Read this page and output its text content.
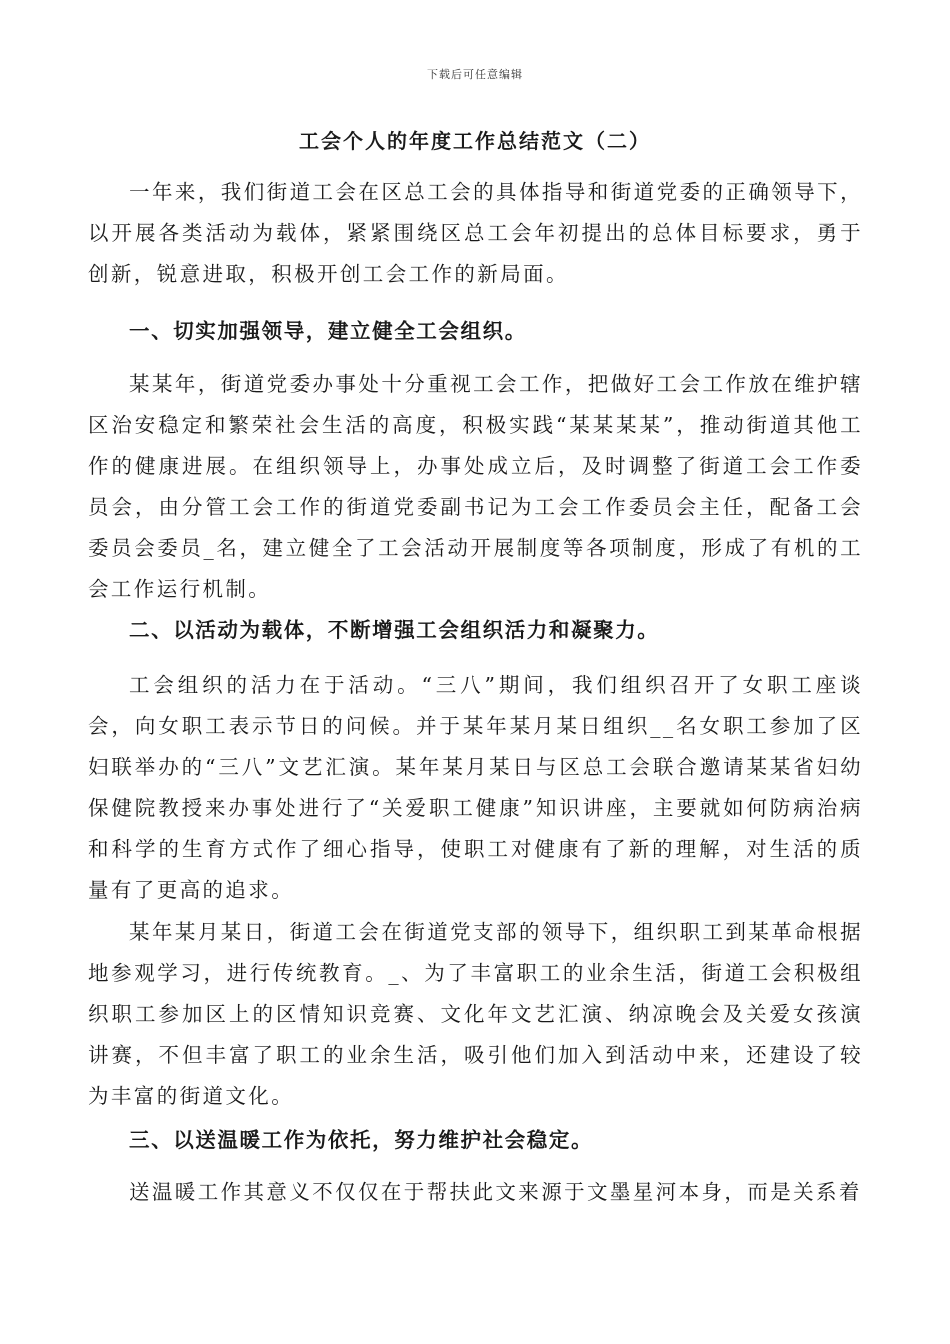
下载后可任意编辑
工会个人的年度工作总结范文（二）

一年来，我们街道工会在区总工会的具体指导和街道党委的正确领导下，以开展各类活动为载体，紧紧围绕区总工会年初提出的总体目标要求，勇于创新，锐意进取，积极开创工会工作的新局面。

一、切实加强领导，建立健全工会组织。

某某年，街道党委办事处十分重视工会工作，把做好工会工作放在维护辖区治安稳定和繁荣社会生活的高度，积极实践“某某某某”，推动街道其他工作的健康进展。在组织领导上，办事处成立后，及时调整了街道工会工作委员会，由分管工会工作的街道党委副书记为工会工作委员会主任，配备工会委员会委员_名，建立健全了工会活动开展制度等各项制度，形成了有机的工会工作运行机制。

二、以活动为载体，不断增强工会组织活力和凝聚力。

工会组织的活力在于活动。“三八”期间，我们组织召开了女职工座谈会，向女职工表示节日的问候。并于某年某月某日组织__名女职工参加了区妇联举办的“三八”文艺汇演。某年某月某日与区总工会联合邀请某某省妇幼保健院教授来办事处进行了“关爱职工健康”知识讲座，主要就如何防病治病和科学的生育方式作了细心指导，使职工对健康有了新的理解，对生活的质量有了更高的追求。

某年某月某日，街道工会在街道党支部的领导下，组织职工到某革命根据地参观学习，进行传统教育。_、为了丰富职工的业余生活，街道工会积极组织职工参加区上的区情知识竞赛、文化年文艺汇演、纳凉晚会及关爱女孩演讲赛，不但丰富了职工的业余生活，吸引他们加入到活动中来，还建设了较为丰富的街道文化。

三、以送温暖工作为依托，努力维护社会稳定。

送温暖工作其意义不仅仅在于帮扶此文来源于文墨星河本身，而是关系着
